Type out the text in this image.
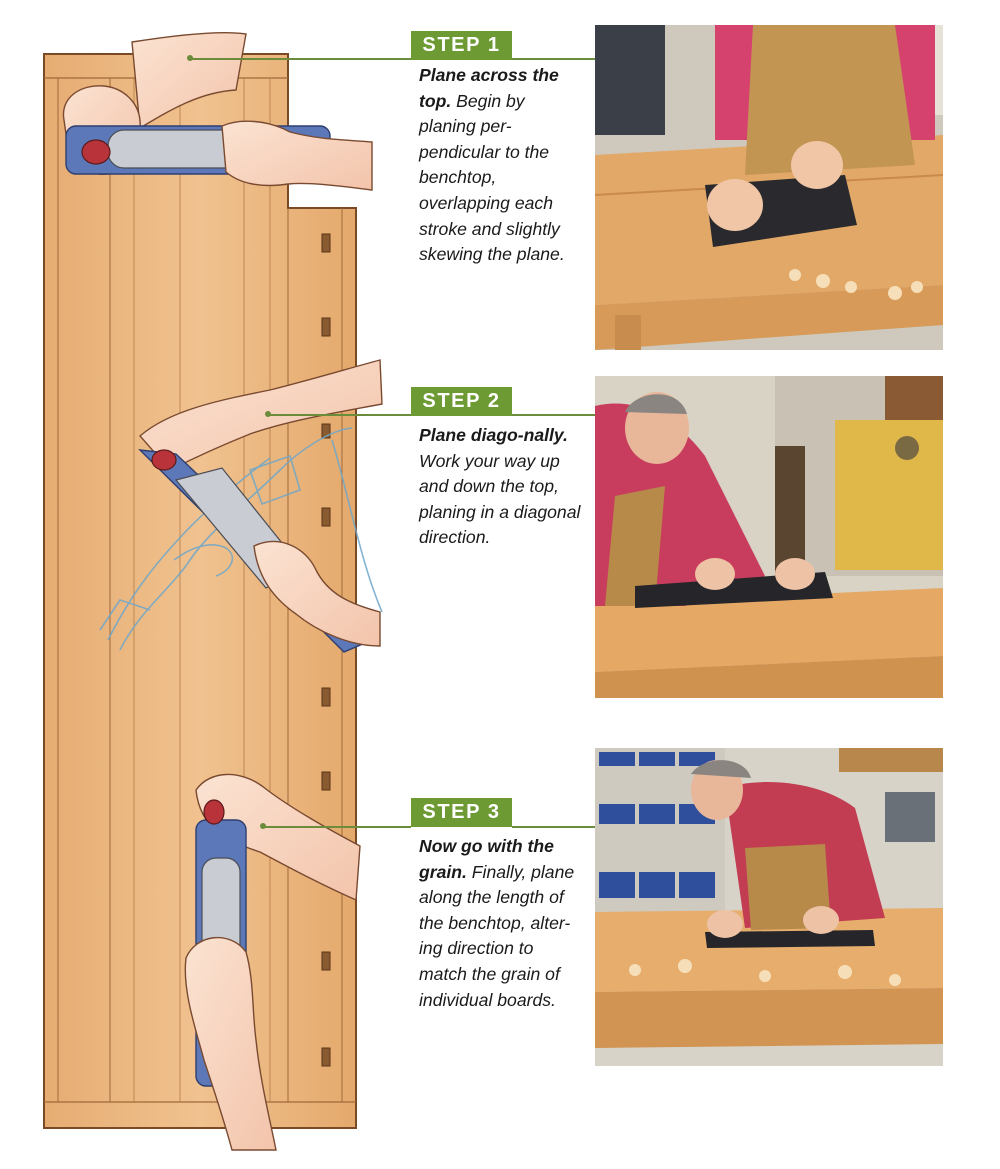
STEP 1

Plane across the top. Begin by planing per-pendicular to the benchtop, overlapping each stroke and slightly skewing the plane.

STEP 2

Plane diago-nally. Work your way up and down the top, planing in a diagonal direction.

STEP 3

Now go with the grain. Finally, plane along the length of the benchtop, alter-ing direction to match the grain of individual boards.
